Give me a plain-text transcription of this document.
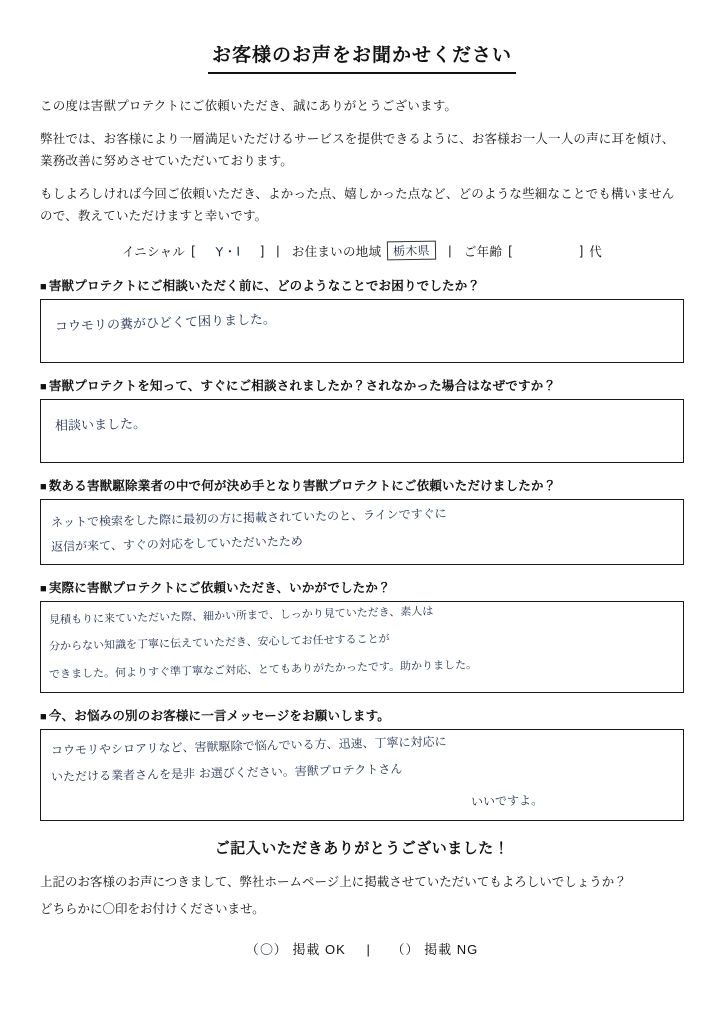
お客様のお声をお聞かせください

この度は害獣プロテクトにご依頼いただき、誠にありがとうございます。

弊社では、お客様により一層満足いただけるサービスを提供できるように、お客様お一人一人の声に耳を傾け、業務改善に努めさせていただいております。

もしよろしければ今回ご依頼いただき、よかった点、嬉しかった点など、どのような些細なことでも構いませんので、教えていただけますと幸いです。

イニシャル [	Y・I	] | お住まいの地域 栃木県	| ご年齢 [	] 代
■ 害獣プロテクトにご相談いただく前に、どのようなことでお困りでしたか？
コウモリの糞がひどくて困りました。
■ 害獣プロテクトを知って、すぐにご相談されましたか？されなかった場合はなぜですか？
相談いました。
■ 数ある害獣駆除業者の中で何が決め手となり害獣プロテクトにご依頼いただけましたか？
ネットで検索をした際に最初の方に掲載されていたのと、ラインですぐに
返信が来て、すぐの対応をしていただいたため
■ 実際に害獣プロテクトにご依頼いただき、いかがでしたか？
見積もりに来ていただいた際、細かい所まで、しっかり見ていただき、素人は
分からない知識を丁寧に伝えていただき、安心してお任せすることが
できました。何よりすぐ準丁寧なご対応、とてもありがたかったです。助かりました。
■ 今、お悩みの別のお客様に一言メッセージをお願いします。
コウモリやシロアリなど、害獣駆除で悩んでいる方、迅速、丁寧に対応に
いただける業者さんを是非 お選びください。害獣プロテクトさん
いいですよ。
ご記入いただきありがとうございました！

上記のお客様のお声につきまして、弊社ホームページ上に掲載させていただいてもよろしいでしょうか？

どちらかに〇印をお付けくださいませ。

（〇） 掲載 OK | （） 掲載 NG
